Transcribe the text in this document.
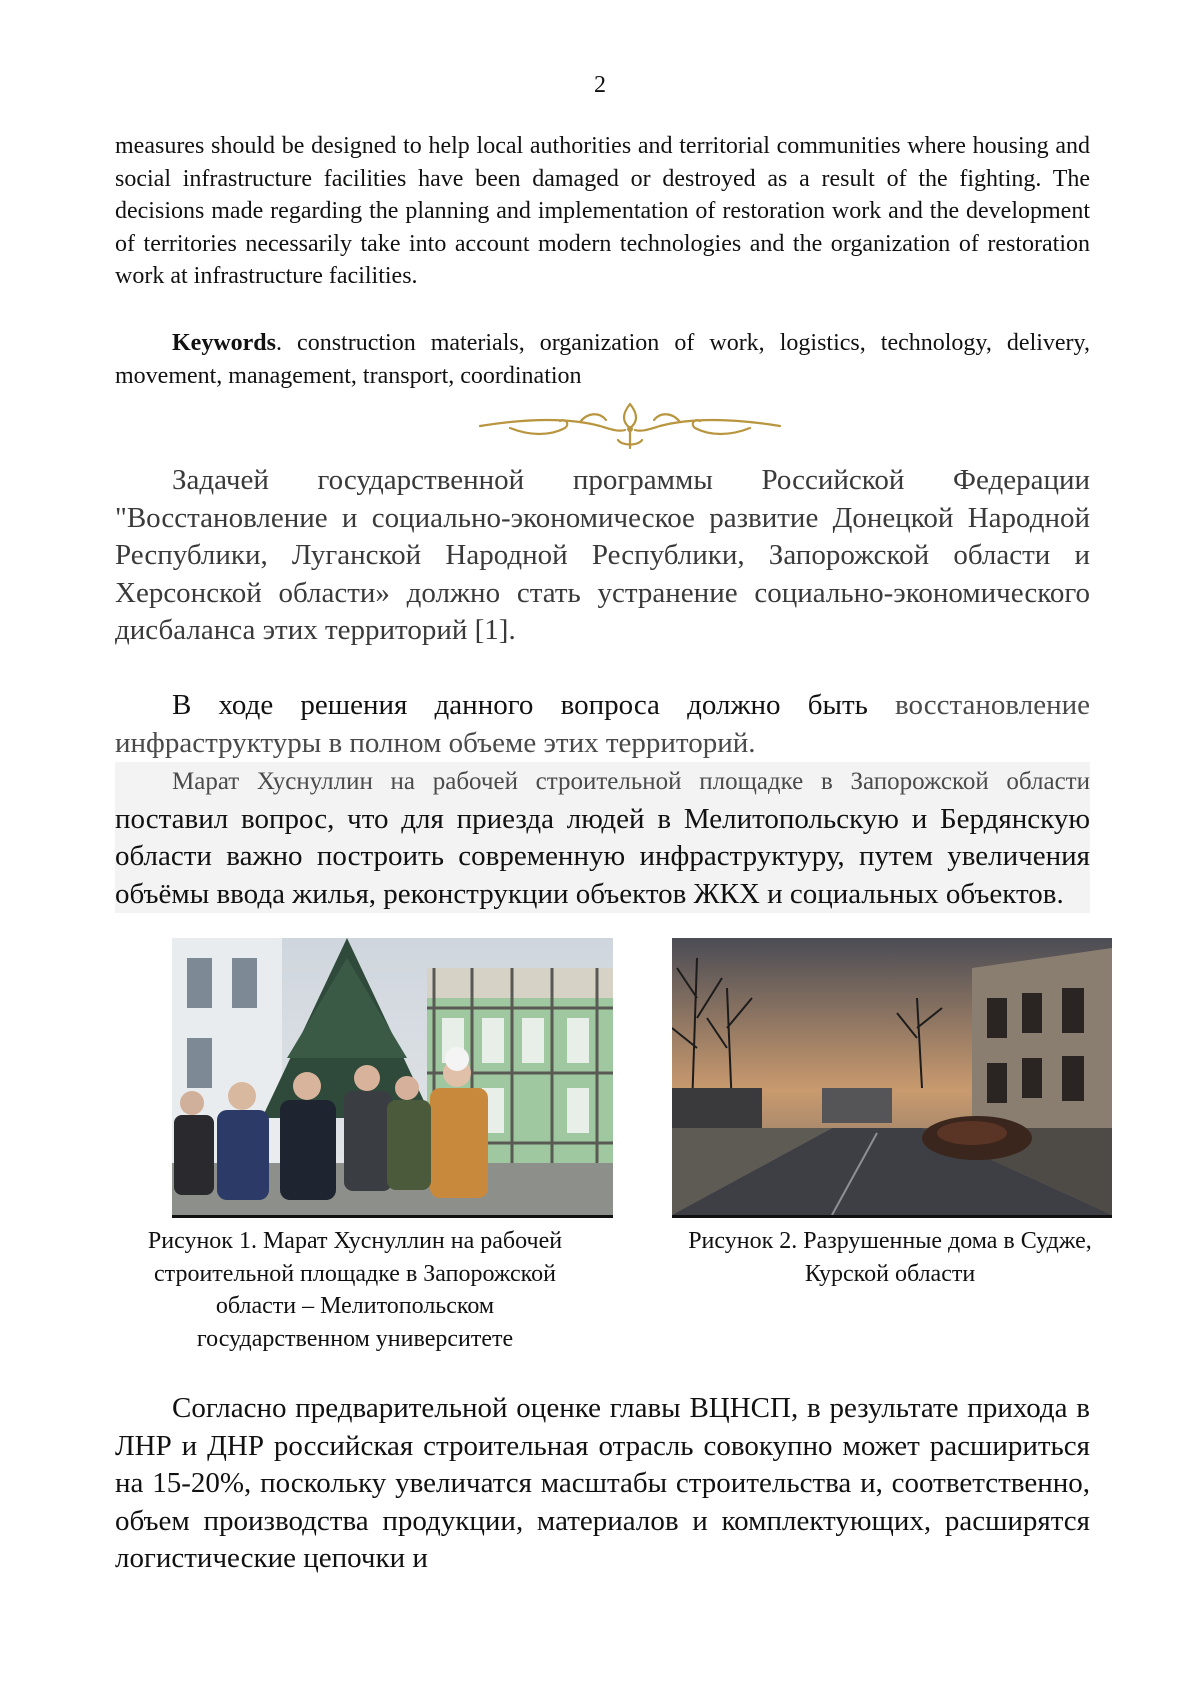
2

measures should be designed to help local authorities and territorial communities where housing and social infrastructure facilities have been damaged or destroyed as a result of the fighting. The decisions made regarding the planning and implementation of restoration work and the development of territories necessarily take into account modern technologies and the organization of restoration work at infrastructure facilities.

Keywords. construction materials, organization of work, logistics, technology, delivery, movement, management, transport, coordination

Задачей государственной программы Российской Федерации "Восстановление и социально-экономическое развитие Донецкой Народной Республики, Луганской Народной Республики, Запорожской области и Херсонской области» должно стать устранение социально-экономического дисбаланса этих территорий [1].

В ходе решения данного вопроса должно быть восстановление инфраструктуры в полном объеме этих территорий.

Марат Хуснуллин на рабочей строительной площадке в Запорожской области поставил вопрос, что для приезда людей в Мелитопольскую и Бердянскую области важно построить современную инфраструктуру, путем увеличения объёмы ввода жилья, реконструкции объектов ЖКХ и социальных объектов.

Рисунок 1. Марат Хуснуллин на рабочей строительной площадке в Запорожской области – Мелитопольском государственном университете
Рисунок 2. Разрушенные дома в Судже, Курской области

Согласно предварительной оценке главы ВЦНСП, в результате прихода в ЛНР и ДНР российская строительная отрасль совокупно может расшириться на 15-20%, поскольку увеличатся масштабы строительства и, соответственно, объем производства продукции, материалов и комплектующих, расширятся логистические цепочки и
